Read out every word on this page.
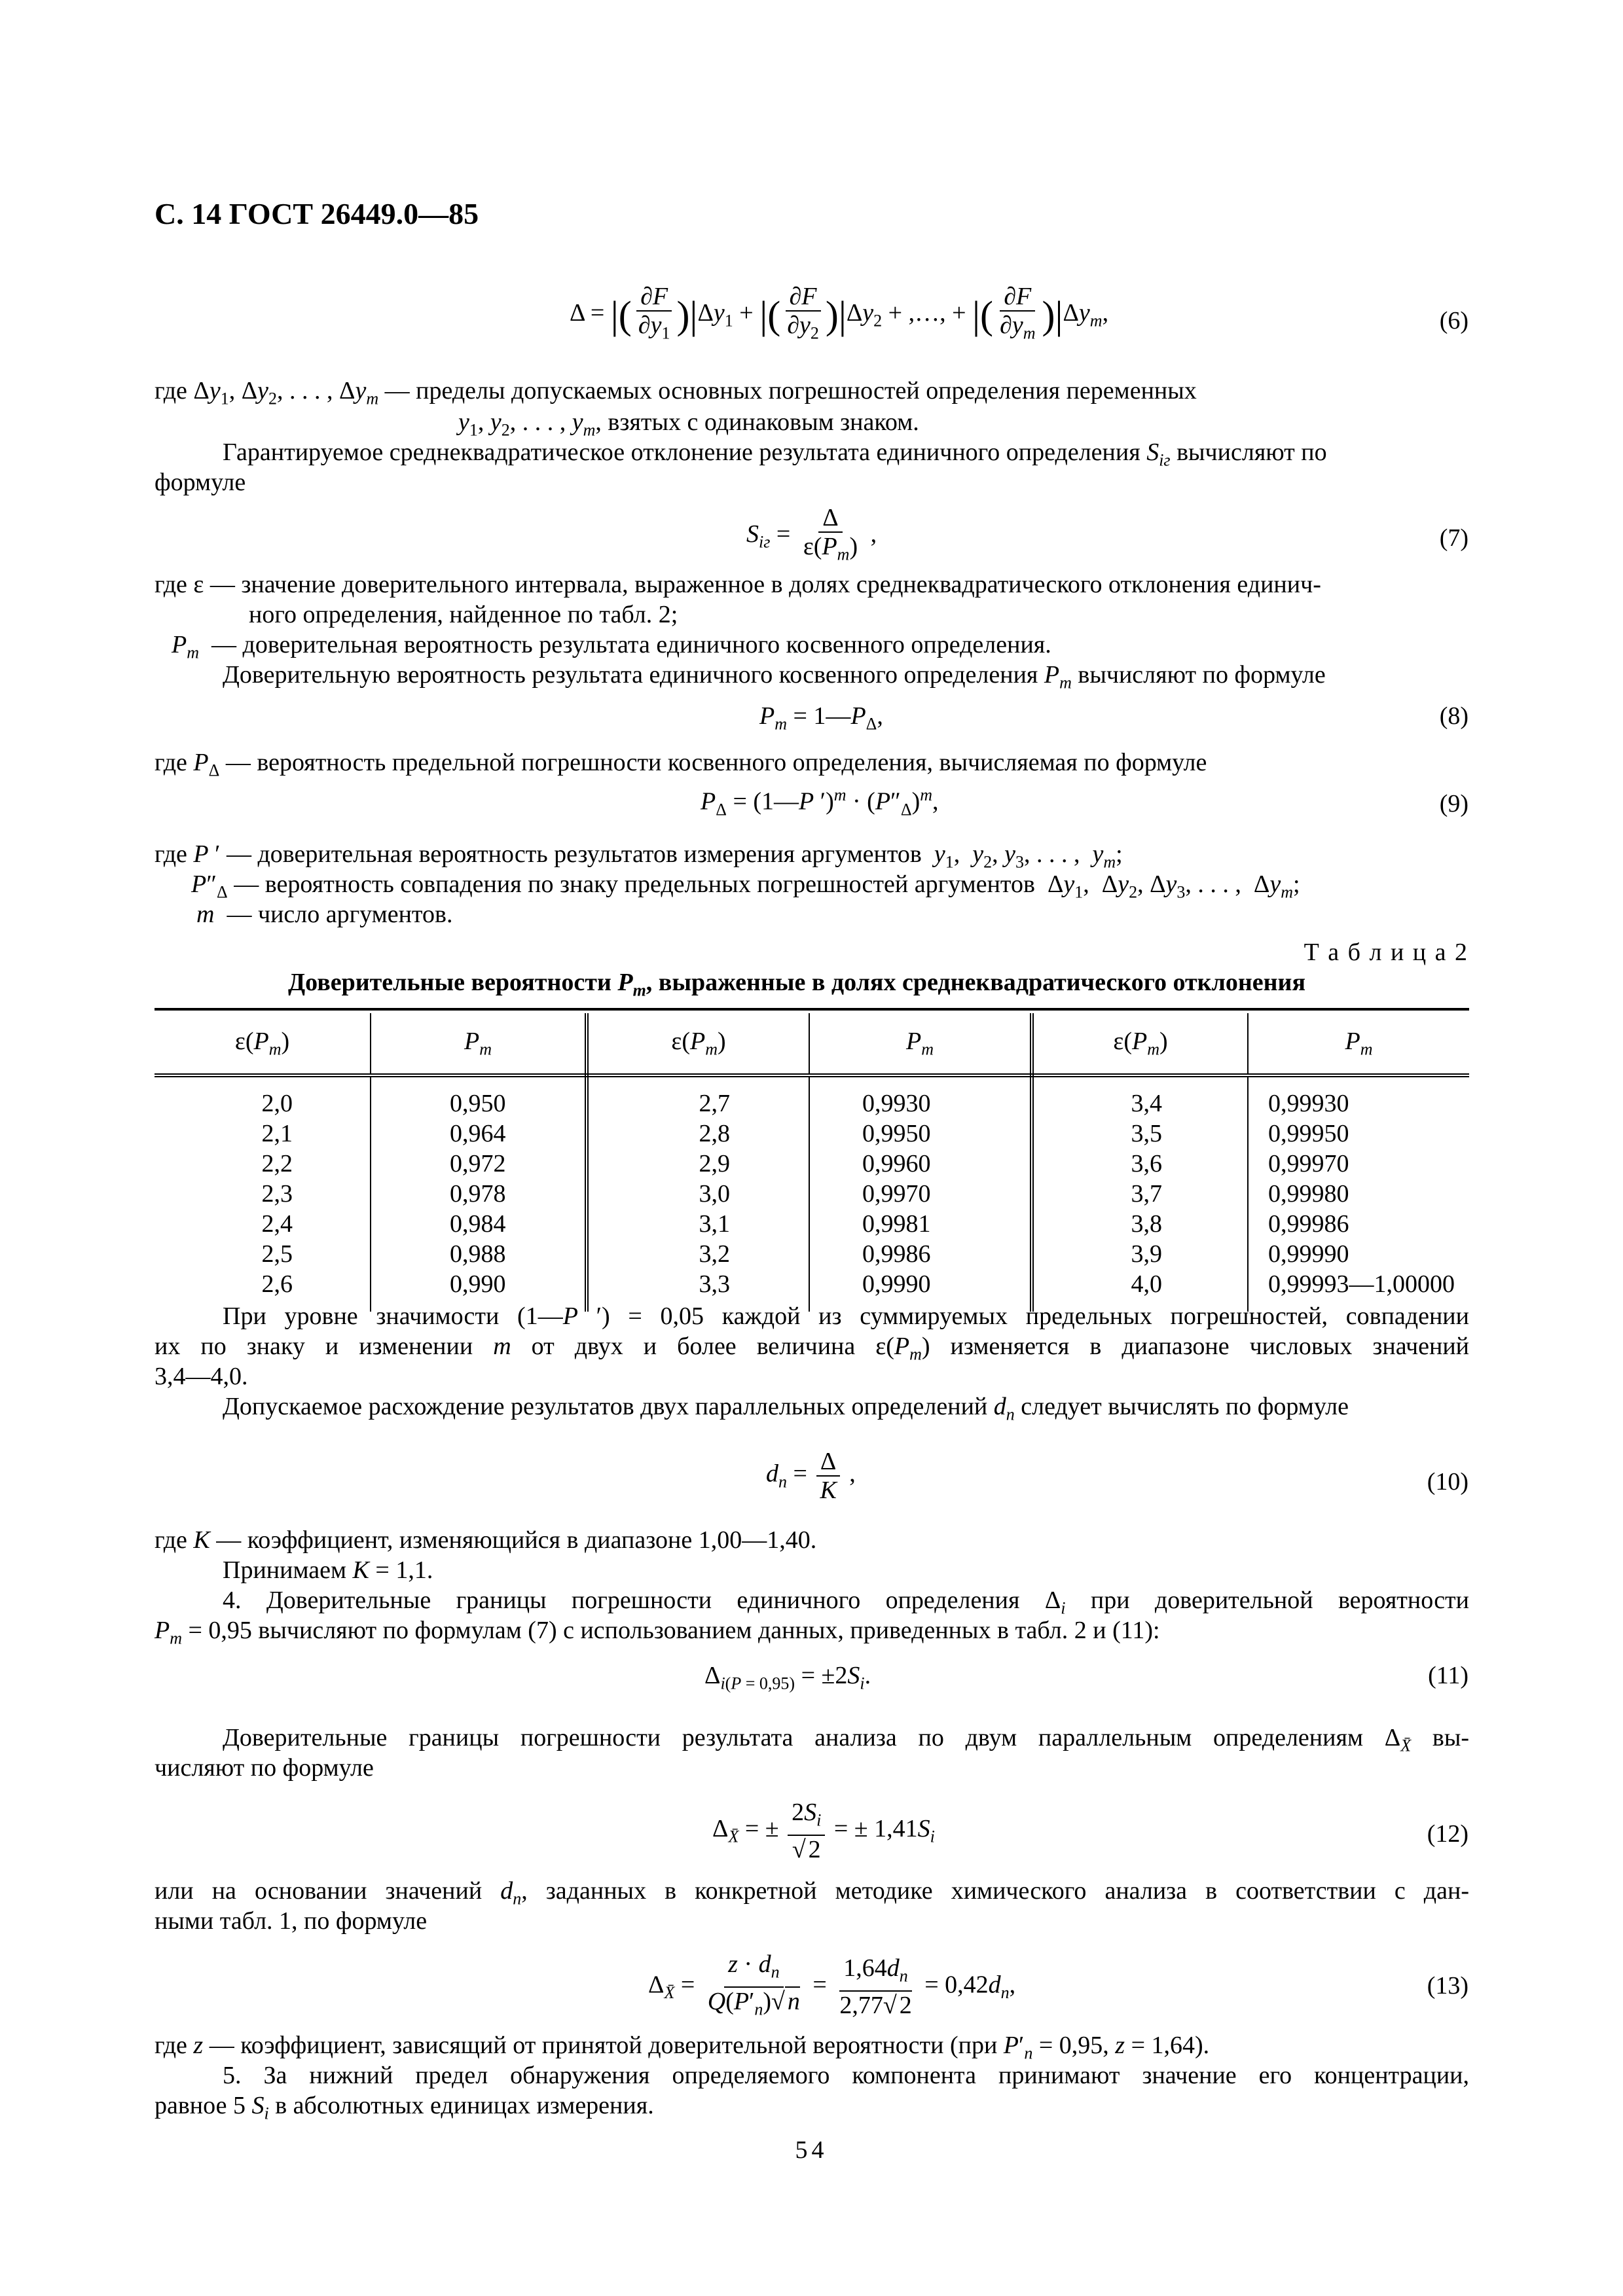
С. 14 ГОСТ 26449.0—85
Δ = |( $\frac{\partial F}{\partial y_1} )|\Delta y_1$ + |( $\frac{\partial F}{\partial y_2} )|\Delta y_2$ + ,…, + |( $\frac{\partial F}{\partial y_m} )|\Delta y_m$,	(6)
где $\Delta y_1$, $\Delta y_2$, . . . , $\Delta y_m$ — пределы допускаемых основных погрешностей определения переменных
$y_1$, $y_2$, . . . , $y_m$, взятых с одинаковым знаком.
Гарантируемое среднеквадратическое отклонение результата единичного определения $S_{iг}$ вычисляют по
формуле
$S_{iг} = \frac{\Delta}{\varepsilon(P_m)}$ ,	(7)
где ε — значение доверительного интервала, выраженное в долях среднеквадратического отклонения единич-
ного определения, найденное по табл. 2;
$P_m$ — доверительная вероятность результата единичного косвенного определения.
Доверительную вероятность результата единичного косвенного определения $P_m$ вычисляют по формуле
$P_m$ = $1—P_\Delta$,	(8)
где $P_\Delta$ — вероятность предельной погрешности косвенного определения, вычисляемая по формуле
$P_\Delta$ = (1—P $')^m \cdot (P''_\Delta)^m$,	(9)
где P ′ — доверительная вероятность результатов измерения аргументов $y_1$,  $y_2$, $y_3$, . . . ,  $y_m$;
$P''_\Delta$ — вероятность совпадения по знаку предельных погрешностей аргументов  $\Delta y_1$,  $\Delta y_2$, $\Delta y_3$, . . . ,  $\Delta y_m$;
m — число аргументов.
Т а б л и ц а 2
Доверительные вероятности $P_m$, выраженные в долях среднеквадратического отклонения
$\varepsilon(P_m)$	$P_m$	$\varepsilon(P_m)$	$P_m$	$\varepsilon(P_m)$	$P_m$
2,0	0,950	2,7	0,9930	3,4	0,99930
2,1	0,964	2,8	0,9950	3,5	0,99950
2,2	0,972	2,9	0,9960	3,6	0,99970
2,3	0,978	3,0	0,9970	3,7	0,99980
2,4	0,984	3,1	0,9981	3,8	0,99986
2,5	0,988	3,2	0,9986	3,9	0,99990
2,6	0,990	3,3	0,9990	4,0	0,99993—1,00000
При уровне значимости (1—P ′) = 0,05 каждой из суммируемых предельных погрешностей, совпадении
их по знаку и изменении m от двух и более величина $\varepsilon(P_m)$ изменяется в диапазоне числовых значений
3,4—4,0.
Допускаемое расхождение результатов двух параллельных определений $d_n$ следует вычислять по формуле
$d_n = \frac{\Delta}{K}$ ,	(10)
где K — коэффициент, изменяющийся в диапазоне 1,00—1,40.
Принимаем K = 1,1.
4. Доверительные границы погрешности единичного определения $\Delta_i$ при доверительной вероятности
$P_m = 0,95$ вычисляют по формулам (7) с использованием данных, приведенных в табл. 2 и (11):
$\Delta_{i(P = 0,95)} = \pm 2S_i$.	(11)
Доверительные границы погрешности результата анализа по двум параллельным определениям $\Delta_{X̄}$ вы-
числяют по формуле
$\Delta_{X̄}$ = ± $\frac{2S_i}{√ 2}$ = ± $1,41S_i$	(12)
или на основании значений $d_n$, заданных в конкретной методике химического анализа в соответствии с дан-
ными табл. 1, по формуле
$\Delta_{X̄} = \frac{z \cdot d_n}{Q(P'_n)√ n} = \frac{1,64d_n}{2,77√ 2} = 0,42d_n$,	(13)
где z — коэффициент, зависящий от принятой доверительной вероятности (при $P'_n = 0,95$, z = 1,64).
5. За нижний предел обнаружения определяемого компонента принимают значение его концентрации,
равное 5 $S_i$ в абсолютных единицах измерения.
54
